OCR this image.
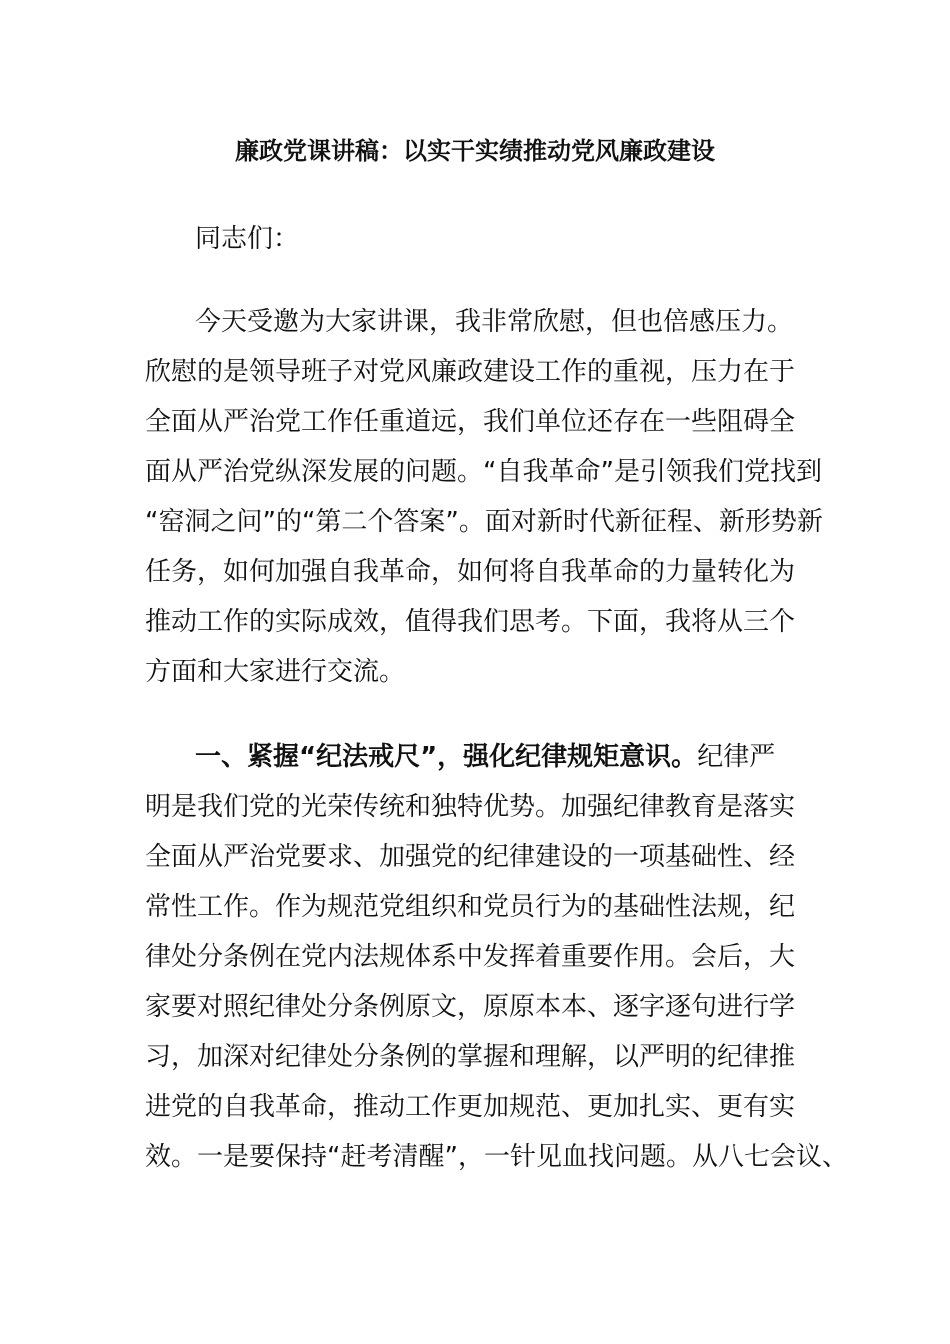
廉政党课讲稿：以实干实绩推动党风廉政建设

同志们：

今天受邀为大家讲课，我非常欣慰，但也倍感压力。

欣慰的是领导班子对党风廉政建设工作的重视，压力在于

全面从严治党工作任重道远，我们单位还存在一些阻碍全

面从严治党纵深发展的问题。“自我革命”是引领我们党找到

“窑洞之问”的“第二个答案”。面对新时代新征程、新形势新

任务，如何加强自我革命，如何将自我革命的力量转化为

推动工作的实际成效，值得我们思考。下面，我将从三个

方面和大家进行交流。

一、紧握“纪法戒尺”，强化纪律规矩意识。纪律严

明是我们党的光荣传统和独特优势。加强纪律教育是落实

全面从严治党要求、加强党的纪律建设的一项基础性、经

常性工作。作为规范党组织和党员行为的基础性法规，纪

律处分条例在党内法规体系中发挥着重要作用。会后，大

家要对照纪律处分条例原文，原原本本、逐字逐句进行学

习，加深对纪律处分条例的掌握和理解，以严明的纪律推

进党的自我革命，推动工作更加规范、更加扎实、更有实

效。一是要保持“赶考清醒”，一针见血找问题。从八七会议、
